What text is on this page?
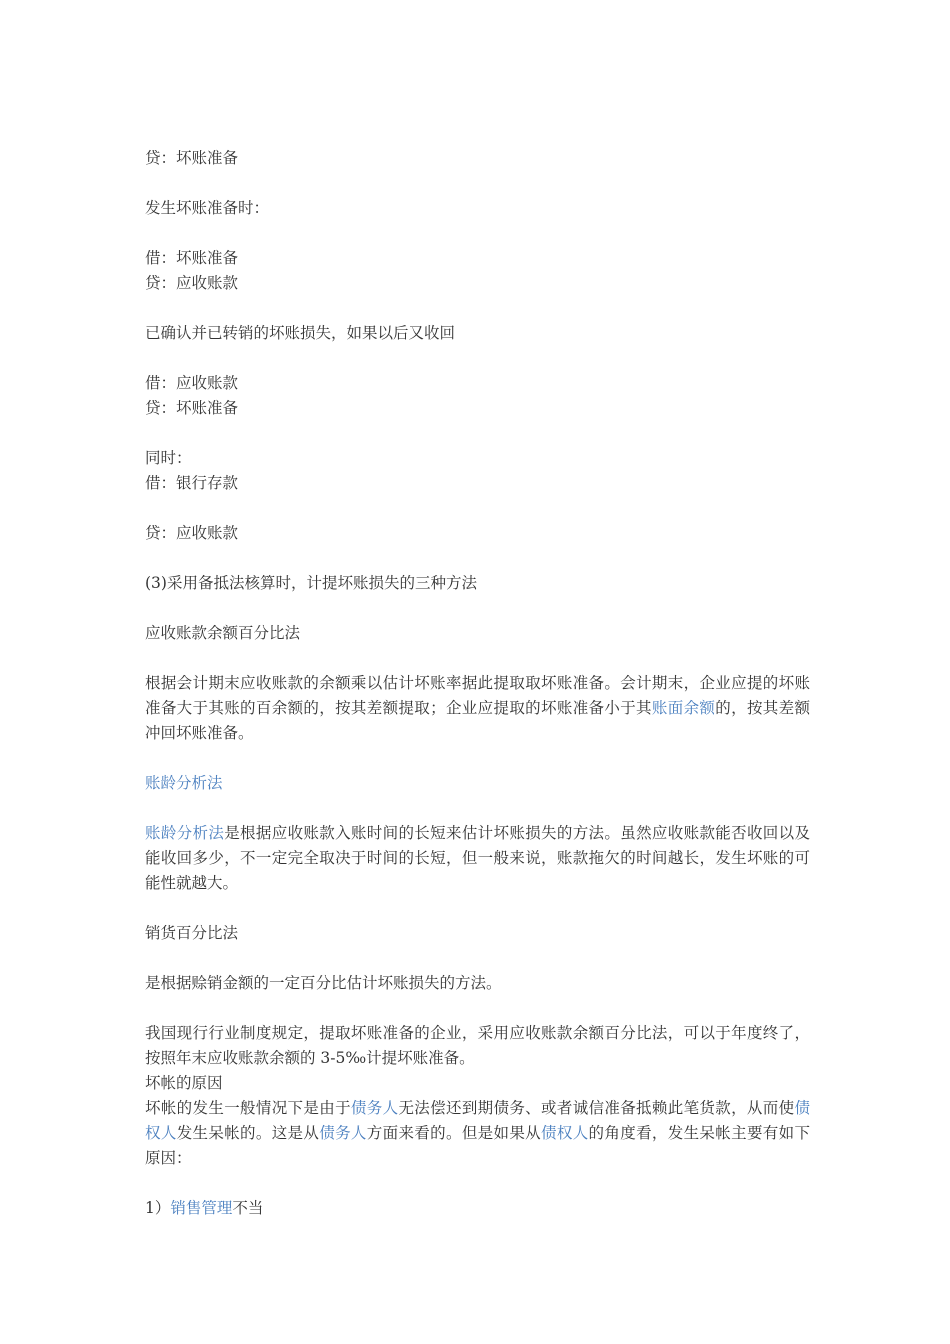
贷：坏账准备
发生坏账准备时：
借：坏账准备
贷：应收账款
已确认并已转销的坏账损失，如果以后又收回
借：应收账款
贷：坏账准备
同时：
借：银行存款
贷：应收账款
(3)采用备抵法核算时，计提坏账损失的三种方法
应收账款余额百分比法
根据会计期末应收账款的余额乘以估计坏账率据此提取取坏账准备。会计期末，企业应提的坏账准备大于其账的百余额的，按其差额提取；企业应提取的坏账准备小于其账面余额的，按其差额冲回坏账准备。
账龄分析法
账龄分析法是根据应收账款入账时间的长短来估计坏账损失的方法。虽然应收账款能否收回以及能收回多少，不一定完全取决于时间的长短，但一般来说，账款拖欠的时间越长，发生坏账的可能性就越大。
销货百分比法
是根据赊销金额的一定百分比估计坏账损失的方法。
我国现行行业制度规定，提取坏账准备的企业，采用应收账款余额百分比法，可以于年度终了，按照年末应收账款余额的 3-5‰计提坏账准备。
坏帐的原因
坏帐的发生一般情况下是由于债务人无法偿还到期债务、或者诚信准备抵赖此笔货款，从而使债权人发生呆帐的。这是从债务人方面来看的。但是如果从债权人的角度看，发生呆帐主要有如下原因：
1）销售管理不当
